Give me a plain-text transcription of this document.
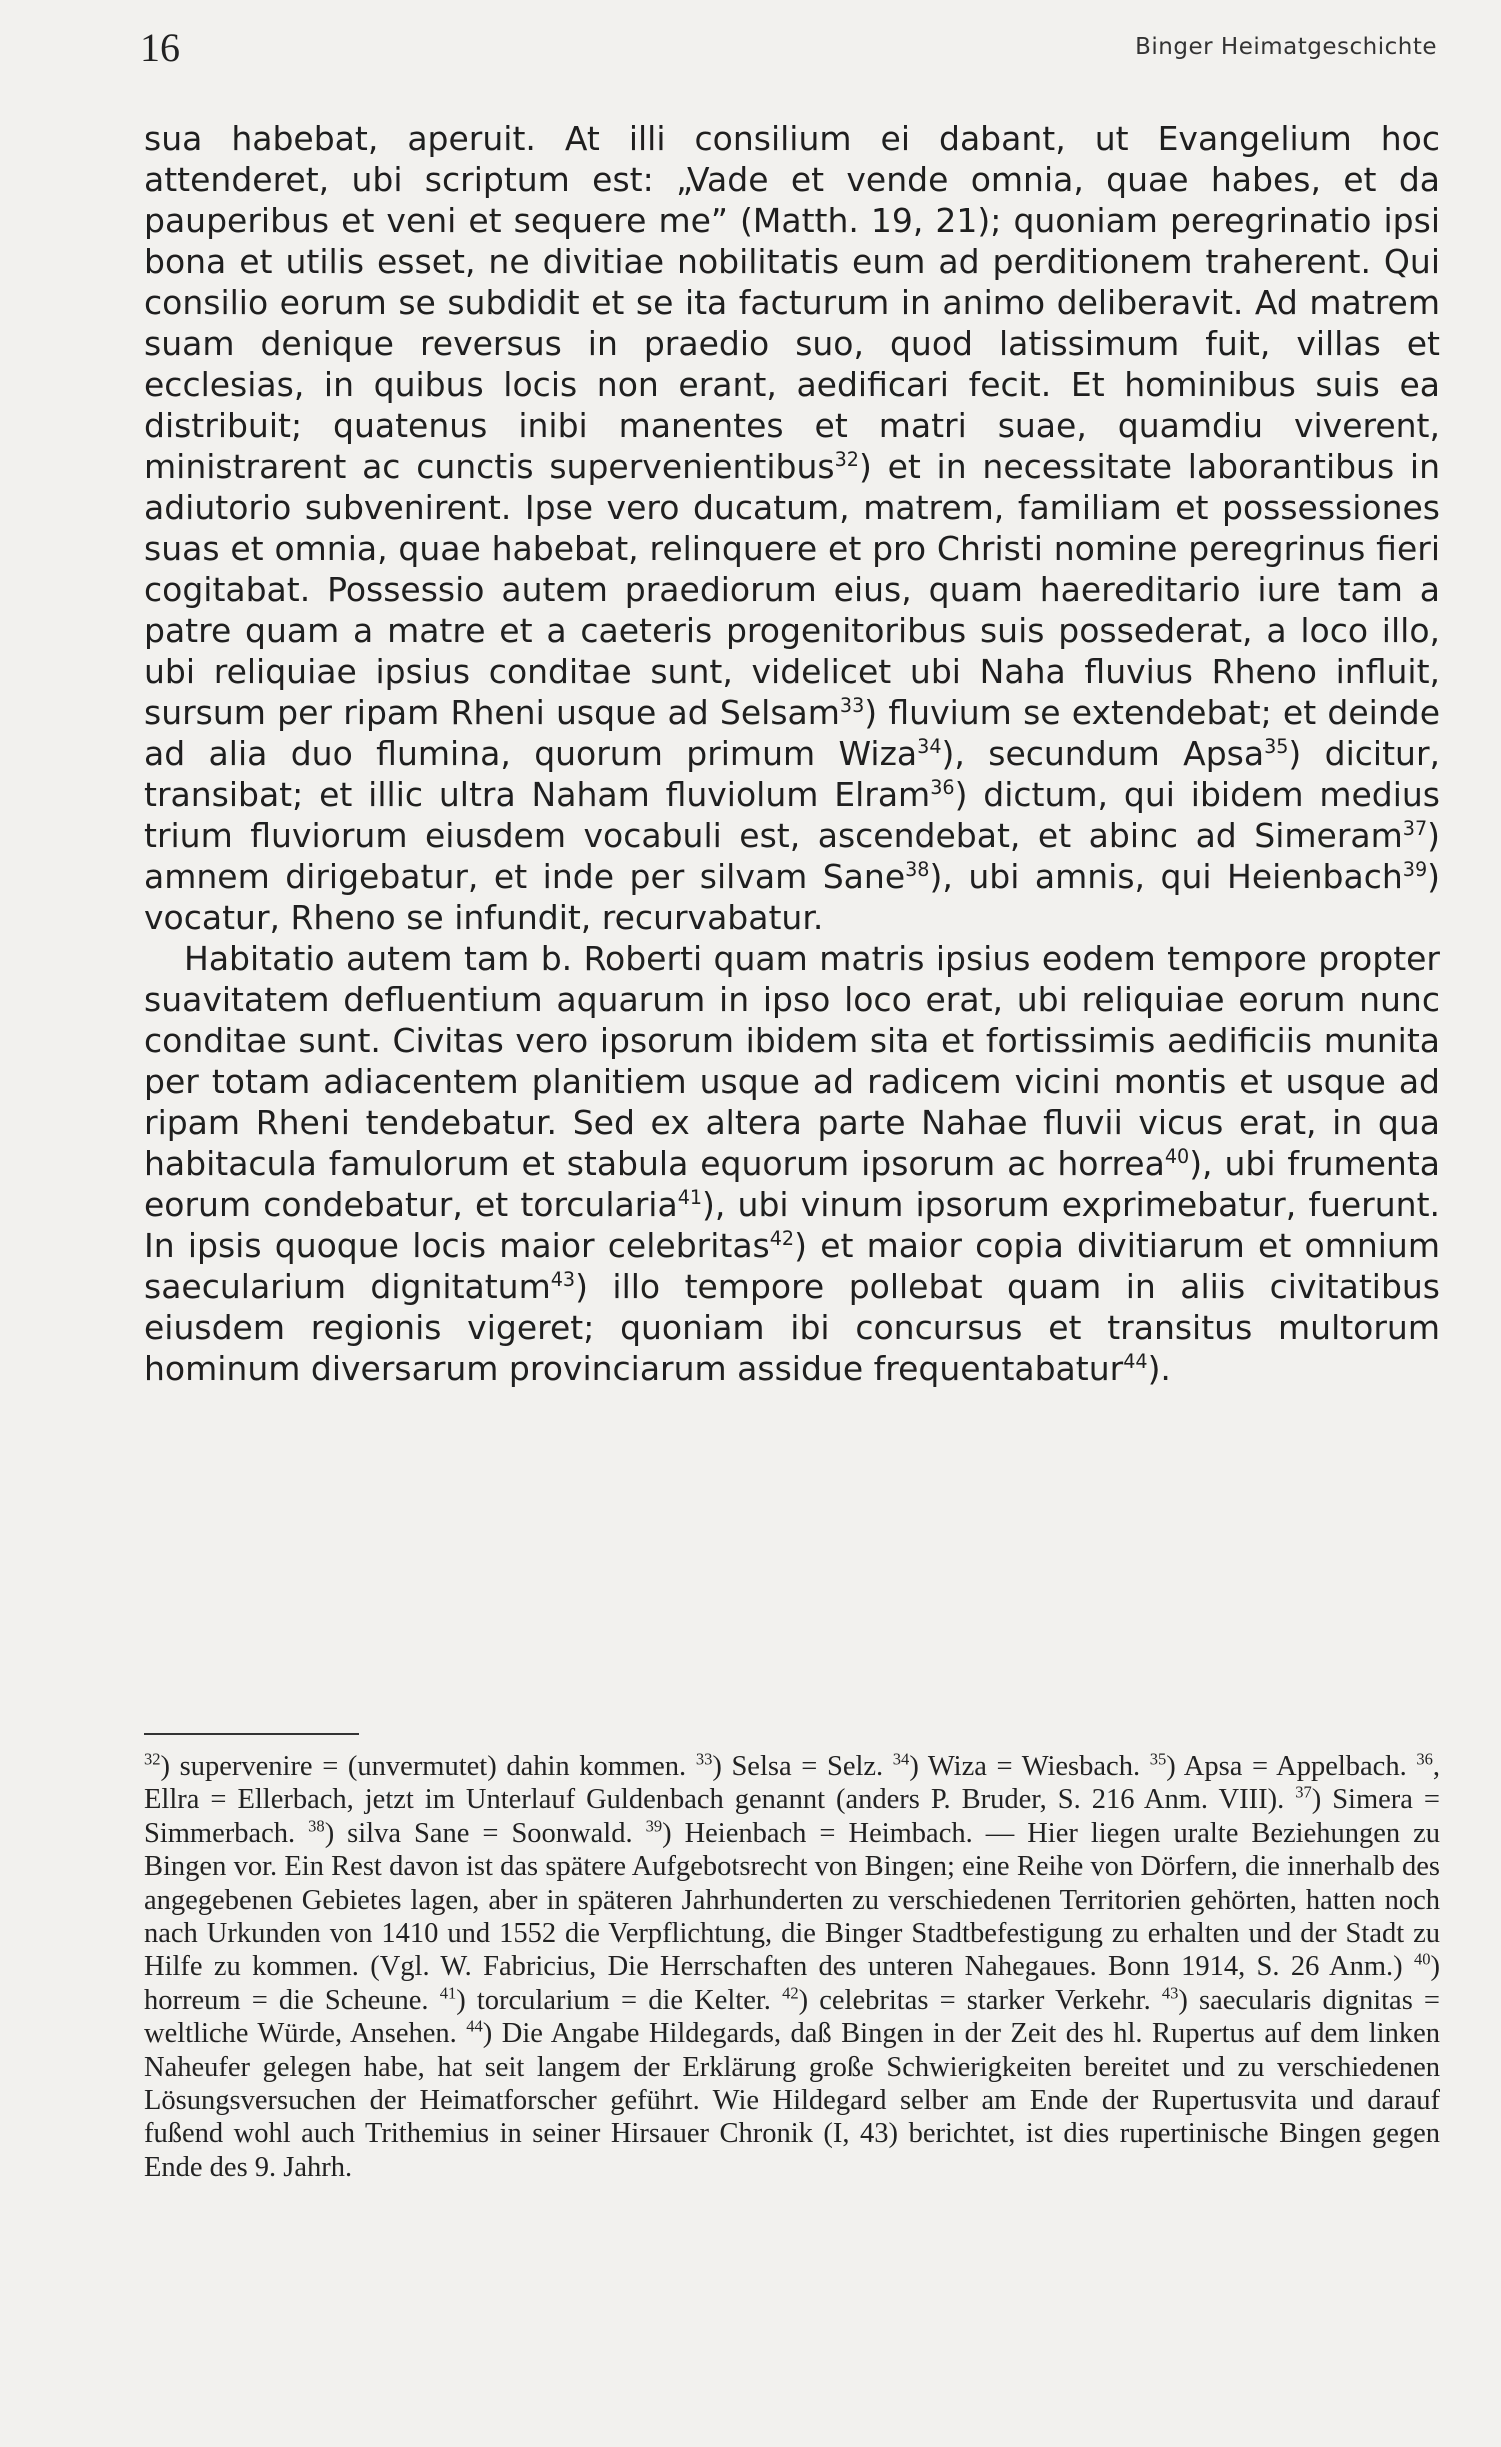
16	Binger Heimatgeschichte

sua habebat, aperuit. At illi consilium ei dabant, ut Evangelium hoc attenderet, ubi scriptum est: „Vade et vende omnia, quae habes, et da pauperibus et veni et sequere me” (Matth. 19, 21); quoniam peregrinatio ipsi bona et utilis esset, ne divitiae nobilitatis eum ad perditionem traherent. Qui consilio eorum se subdidit et se ita facturum in animo deliberavit. Ad matrem suam denique reversus in praedio suo, quod latissimum fuit, villas et ecclesias, in quibus locis non erant, aedificari fecit. Et hominibus suis ea distribuit; quatenus inibi manentes et matri suae, quamdiu viverent, ministrarent ac cunctis supervenientibus$^{32}$) et in necessitate laborantibus in adiutorio subvenirent. Ipse vero ducatum, matrem, familiam et possessiones suas et omnia, quae habebat, relinquere et pro Christi nomine peregrinus fieri cogitabat. Possessio autem praediorum eius, quam haereditario iure tam a patre quam a matre et a caeteris progenitoribus suis possederat, a loco illo, ubi reliquiae ipsius conditae sunt, videlicet ubi Naha fluvius Rheno influit, sursum per ripam Rheni usque ad Selsam$^{33}$) fluvium se extendebat; et deinde ad alia duo flumina, quorum primum Wiza$^{34}$), secundum Apsa$^{35}$) dicitur, transibat; et illic ultra Naham fluviolum Elram$^{36}$) dictum, qui ibidem medius trium fluviorum eiusdem vocabuli est, ascendebat, et abinc ad Simeram$^{37}$) amnem dirigebatur, et inde per silvam Sane$^{38}$), ubi amnis, qui Heienbach$^{39}$) vocatur, Rheno se infundit, recurvabatur.

Habitatio autem tam b. Roberti quam matris ipsius eodem tempore propter suavitatem defluentium aquarum in ipso loco erat, ubi reliquiae eorum nunc conditae sunt. Civitas vero ipsorum ibidem sita et fortissimis aedificiis munita per totam adiacentem planitiem usque ad radicem vicini montis et usque ad ripam Rheni tendebatur. Sed ex altera parte Nahae fluvii vicus erat, in qua habitacula famulorum et stabula equorum ipsorum ac horrea$^{40}$), ubi frumenta eorum condebatur, et torcularia$^{41}$), ubi vinum ipsorum exprimebatur, fuerunt. In ipsis quoque locis maior celebritas$^{42}$) et maior copia divitiarum et omnium saecularium dignitatum$^{43}$) illo tempore pollebat quam in aliis civitatibus eiusdem regionis vigeret; quoniam ibi concursus et transitus multorum hominum diversarum provinciarum assidue frequentabatur$^{44}$).

$^{32}$) supervenire = (unvermutet) dahin kommen. $^{33}$) Selsa = Selz. $^{34}$) Wiza = Wiesbach. $^{35}$) Apsa = Appelbach. $^{36}$, Ellra = Ellerbach, jetzt im Unterlauf Guldenbach genannt (anders P. Bruder, S. 216 Anm. VIII). $^{37}$) Simera = Simmerbach. $^{38}$) silva Sane = Soonwald. $^{39}$) Heienbach = Heimbach. — Hier liegen uralte Beziehungen zu Bingen vor. Ein Rest davon ist das spätere Aufgebotsrecht von Bingen; eine Reihe von Dörfern, die innerhalb des angegebenen Gebietes lagen, aber in späteren Jahrhunderten zu verschiedenen Territorien gehörten, hatten noch nach Urkunden von 1410 und 1552 die Verpflichtung, die Binger Stadtbefestigung zu erhalten und der Stadt zu Hilfe zu kommen. (Vgl. W. Fabricius, Die Herrschaften des unteren Nahegaues. Bonn 1914, S. 26 Anm.) $^{40}$) horreum = die Scheune. $^{41}$) torcularium = die Kelter. $^{42}$) celebritas = starker Verkehr. $^{43}$) saecularis dignitas = weltliche Würde, Ansehen. $^{44}$) Die Angabe Hildegards, daß Bingen in der Zeit des hl. Rupertus auf dem linken Naheufer gelegen habe, hat seit langem der Erklärung große Schwierigkeiten bereitet und zu verschiedenen Lösungsversuchen der Heimatforscher geführt. Wie Hildegard selber am Ende der Rupertusvita und darauf fußend wohl auch Trithemius in seiner Hirsauer Chronik (I, 43) berichtet, ist dies rupertinische Bingen gegen Ende des 9. Jahrh.
